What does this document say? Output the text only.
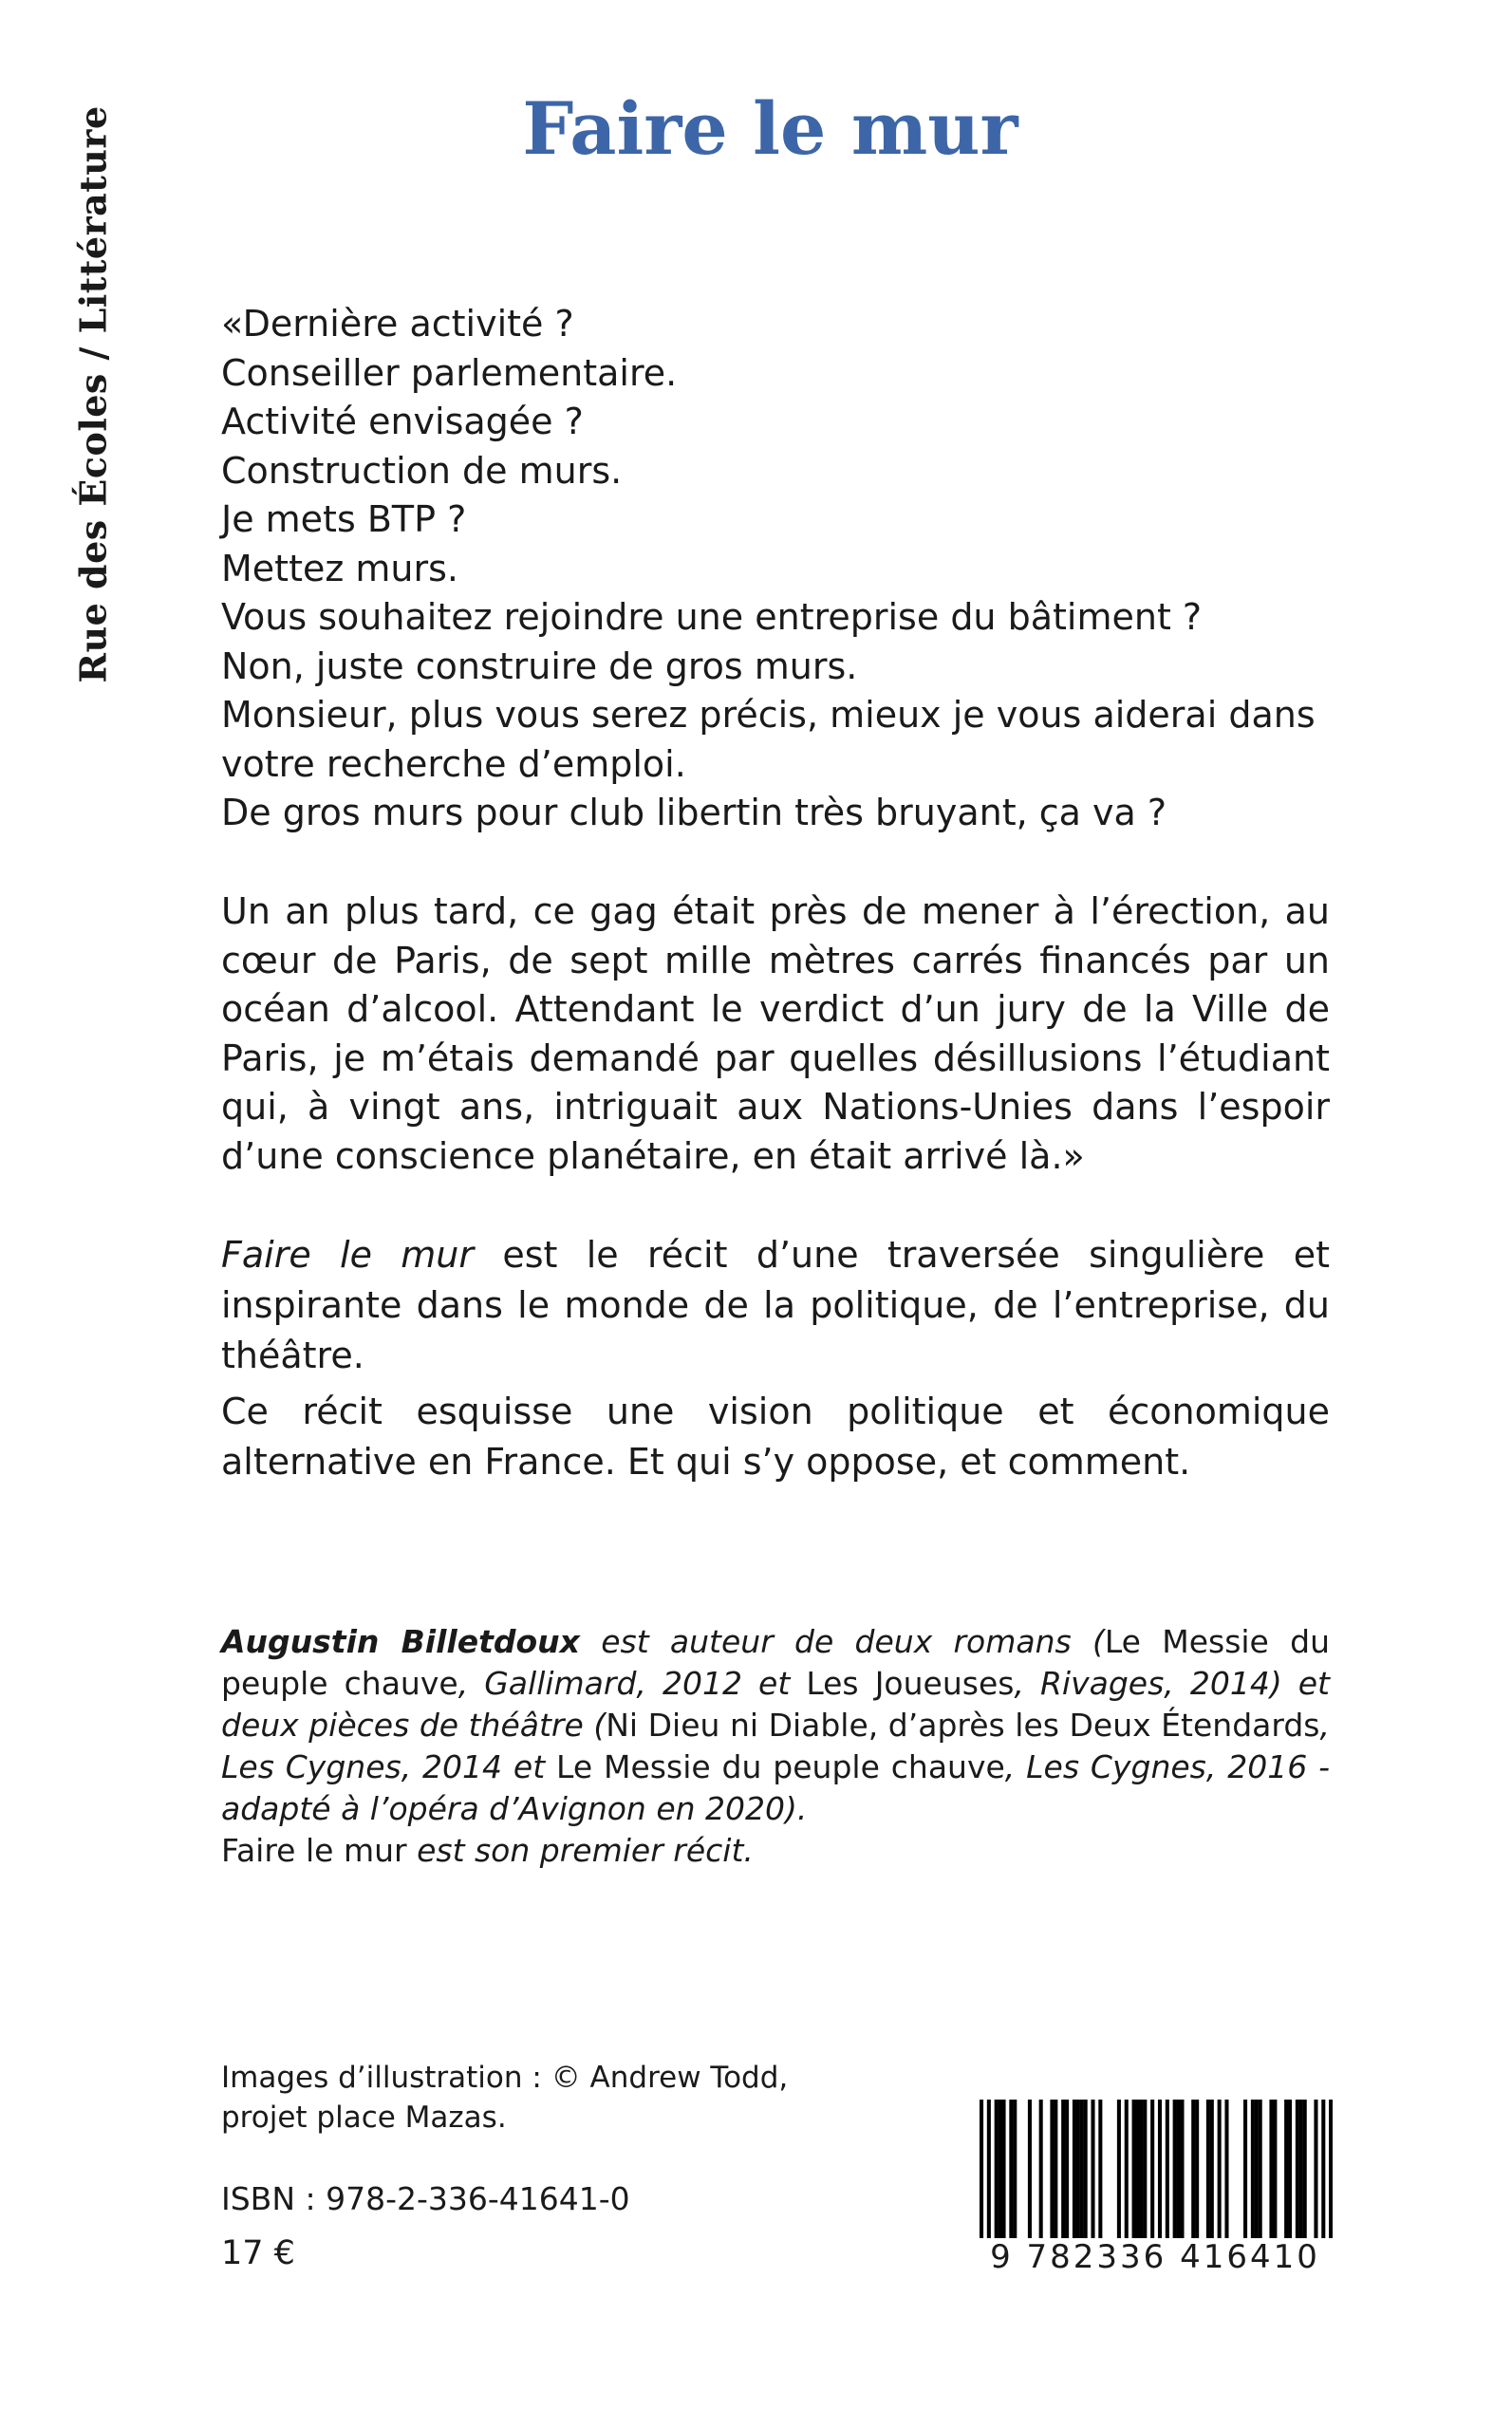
Rue des Écoles / Littérature	Faire le mur
«Dernière activité ?
Conseiller parlementaire.
Activité envisagée ?
Construction de murs.
Je mets BTP ?
Mettez murs.
Vous souhaitez rejoindre une entreprise du bâtiment ?
Non, juste construire de gros murs.
Monsieur, plus vous serez précis, mieux je vous aiderai dans
votre recherche d’emploi.
De gros murs pour club libertin très bruyant, ça va ?

Un an plus tard, ce gag était près de mener à l’érection, au cœur de Paris, de sept mille mètres carrés financés par un océan d’alcool. Attendant le verdict d’un jury de la Ville de Paris, je m’étais demandé par quelles désillusions l’étudiant qui, à vingt ans, intriguait aux Nations-Unies dans l’espoir d’une conscience planétaire, en était arrivé là.»

Faire le mur est le récit d’une traversée singulière et inspirante dans le monde de la politique, de l’entreprise, du théâtre.

Ce récit esquisse une vision politique et économique alternative en France. Et qui s’y oppose, et comment.

Augustin Billetdoux est auteur de deux romans (Le Messie du peuple chauve, Gallimard, 2012 et Les Joueuses, Rivages, 2014) et deux pièces de théâtre (Ni Dieu ni Diable, d’après les Deux Étendards, Les Cygnes, 2014 et Le Messie du peuple chauve, Les Cygnes, 2016 - adapté à l’opéra d’Avignon en 2020).

Faire le mur est son premier récit.

Images d’illustration : © Andrew Todd,
projet place Mazas.
ISBN : 978-2-336-41641-0
17 €	9 782336 416410
